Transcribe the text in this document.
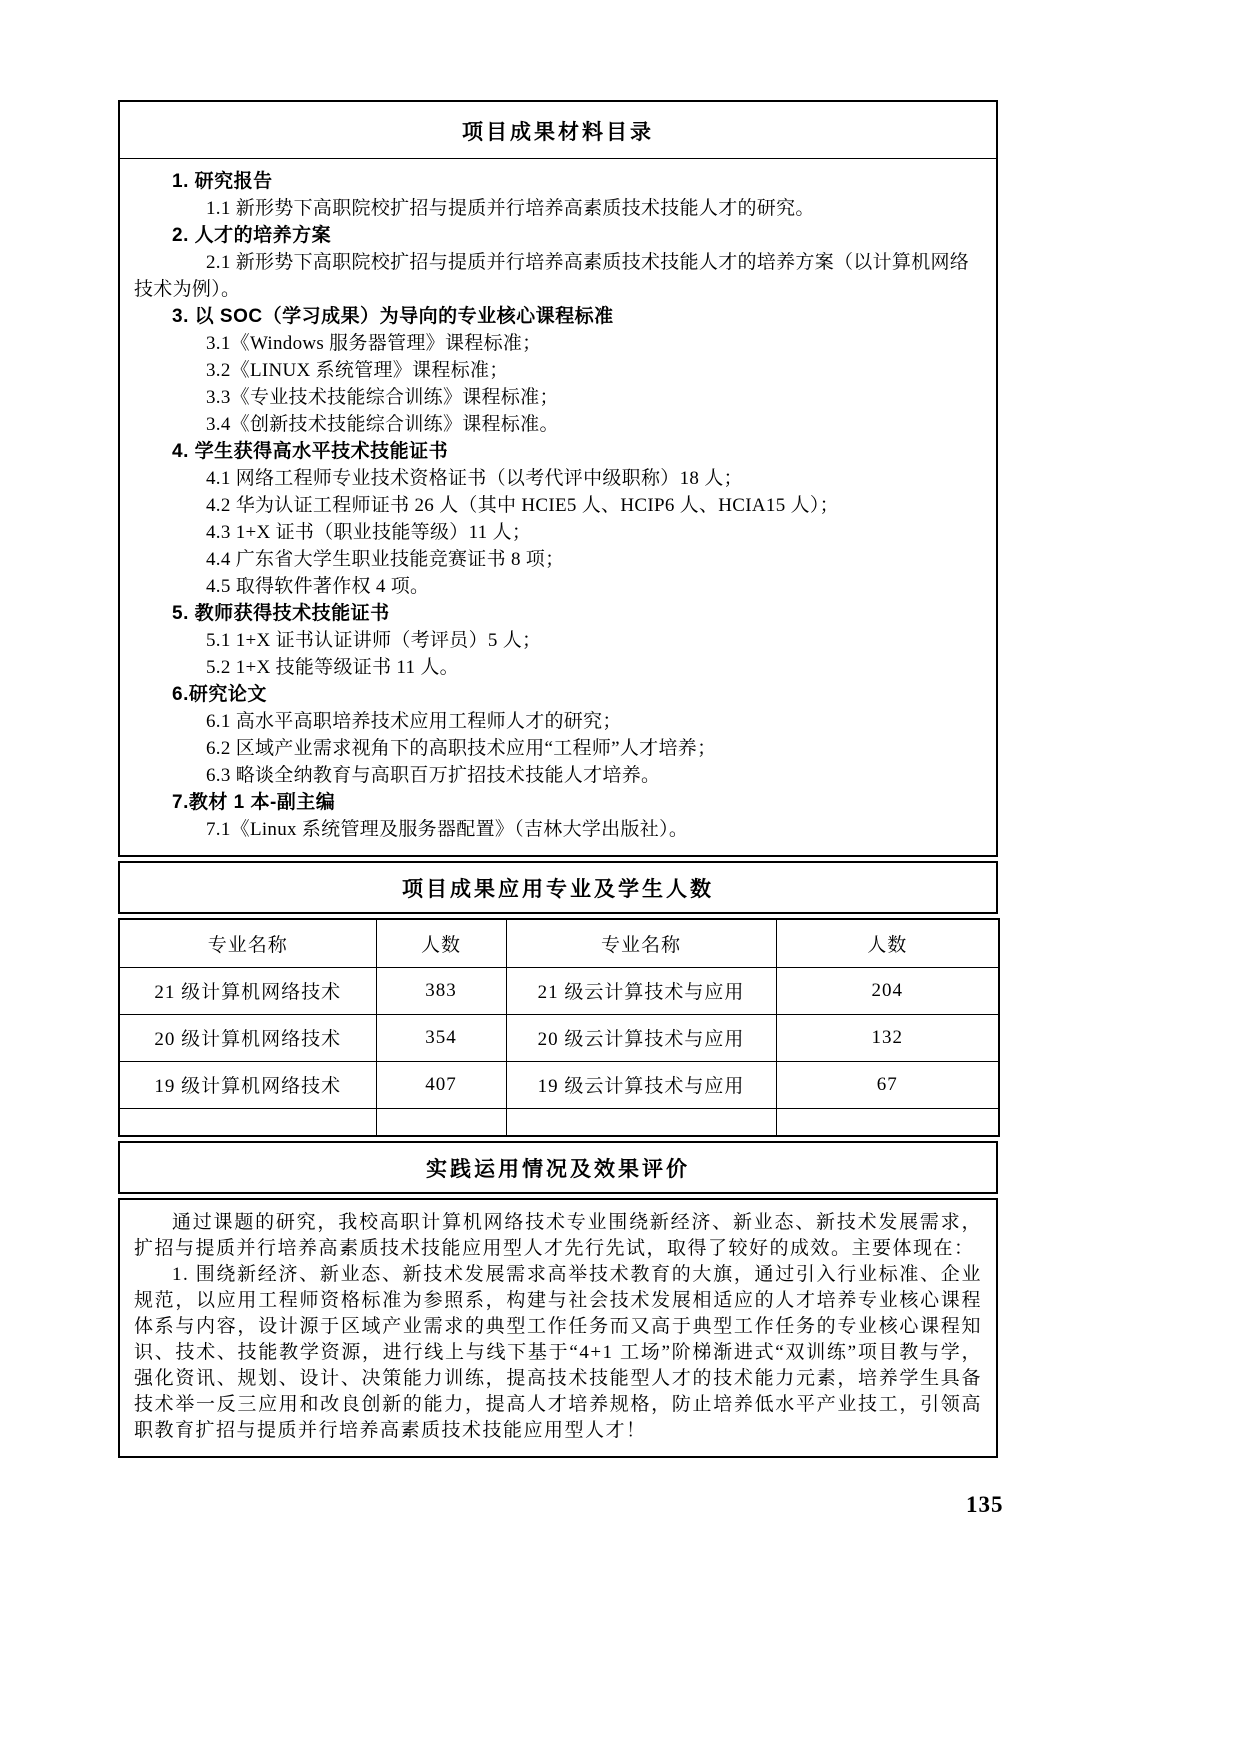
项目成果材料目录

1. 研究报告

1.1 新形势下高职院校扩招与提质并行培养高素质技术技能人才的研究。

2. 人才的培养方案

2.1 新形势下高职院校扩招与提质并行培养高素质技术技能人才的培养方案（以计算机网络技术为例）。

3. 以 SOC（学习成果）为导向的专业核心课程标准

3.1《Windows 服务器管理》课程标准；

3.2《LINUX 系统管理》课程标准；

3.3《专业技术技能综合训练》课程标准；

3.4《创新技术技能综合训练》课程标准。

4. 学生获得高水平技术技能证书

4.1 网络工程师专业技术资格证书（以考代评中级职称）18 人；

4.2 华为认证工程师证书 26 人（其中 HCIE5 人、HCIP6 人、HCIA15 人）；

4.3 1+X 证书（职业技能等级）11 人；

4.4 广东省大学生职业技能竞赛证书 8 项；

4.5 取得软件著作权 4 项。

5. 教师获得技术技能证书

5.1 1+X 证书认证讲师（考评员）5 人；

5.2 1+X 技能等级证书 11 人。

6.研究论文

6.1 高水平高职培养技术应用工程师人才的研究；

6.2 区域产业需求视角下的高职技术应用“工程师”人才培养；

6.3 略谈全纳教育与高职百万扩招技术技能人才培养。

7.教材 1 本-副主编

7.1《Linux 系统管理及服务器配置》（吉林大学出版社）。

项目成果应用专业及学生人数
专业名称	人数	专业名称	人数
21 级计算机网络技术	383	21 级云计算技术与应用	204
20 级计算机网络技术	354	20 级云计算技术与应用	132
19 级计算机网络技术	407	19 级云计算技术与应用	67

实践运用情况及效果评价

通过课题的研究，我校高职计算机网络技术专业围绕新经济、新业态、新技术发展需求，扩招与提质并行培养高素质技术技能应用型人才先行先试，取得了较好的成效。主要体现在：

1. 围绕新经济、新业态、新技术发展需求高举技术教育的大旗，通过引入行业标准、企业规范，以应用工程师资格标准为参照系，构建与社会技术发展相适应的人才培养专业核心课程体系与内容，设计源于区域产业需求的典型工作任务而又高于典型工作任务的专业核心课程知识、技术、技能教学资源，进行线上与线下基于“4+1 工场”阶梯渐进式“双训练”项目教与学，强化资讯、规划、设计、决策能力训练，提高技术技能型人才的技术能力元素，培养学生具备技术举一反三应用和改良创新的能力，提高人才培养规格，防止培养低水平产业技工，引领高职教育扩招与提质并行培养高素质技术技能应用型人才！

135
